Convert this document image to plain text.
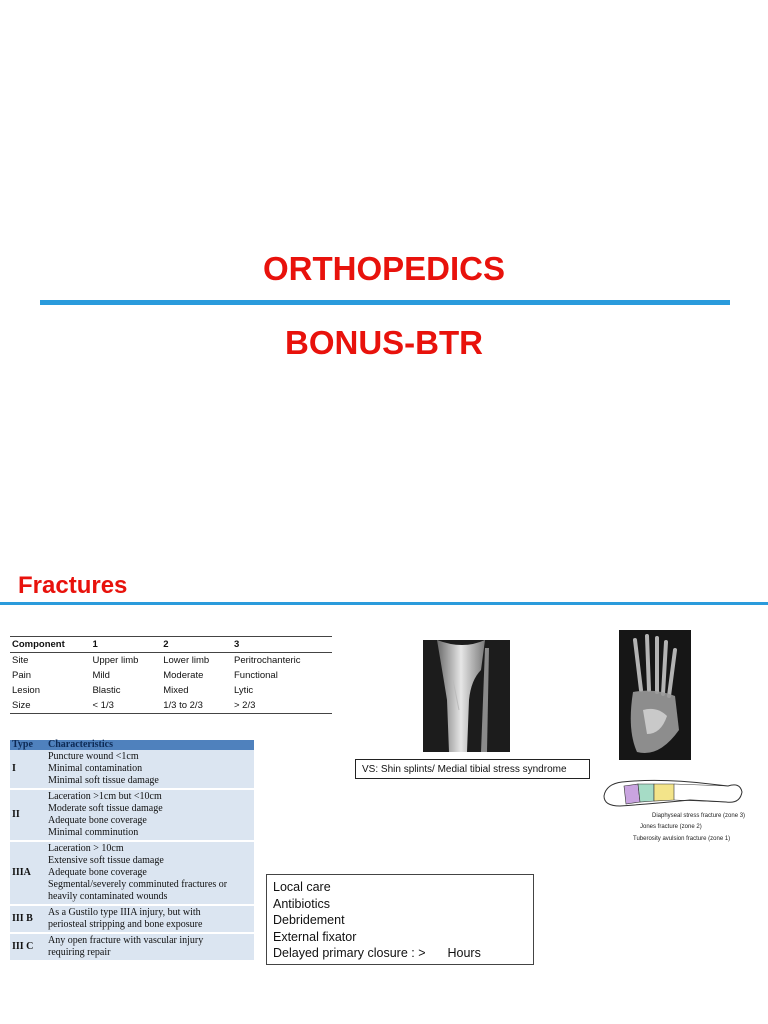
ORTHOPEDICS
BONUS-BTR
Fractures
Component	1	2	3
Site	Upper limb	Lower limb	Peritrochanteric
Pain	Mild	Moderate	Functional
Lesion	Blastic	Mixed	Lytic
Size	< 1/3	1/3 to 2/3	> 2/3
Type	Characteristics
I	Puncture wound <1cm
Minimal contamination
Minimal soft tissue damage

II	Laceration >1cm but <10cm
Moderate soft tissue damage
Adequate bone coverage
Minimal comminution

IIIA	Laceration > 10cm
Extensive soft tissue damage
Adequate bone coverage
Segmental/severely comminuted fractures or
heavily contaminated wounds

III B	As a Gustilo type IIIA injury, but with
periosteal stripping and bone exposure

III C	Any open fracture with vascular injury
requiring repair
VS: Shin splints/ Medial tibial stress syndrome
Diaphyseal stress fracture (zone 3)
Jones fracture (zone 2)
Tuberosity avulsion fracture (zone 1)
Local care
Antibiotics
Debridement
External fixator
Delayed primary closure : > Hours
